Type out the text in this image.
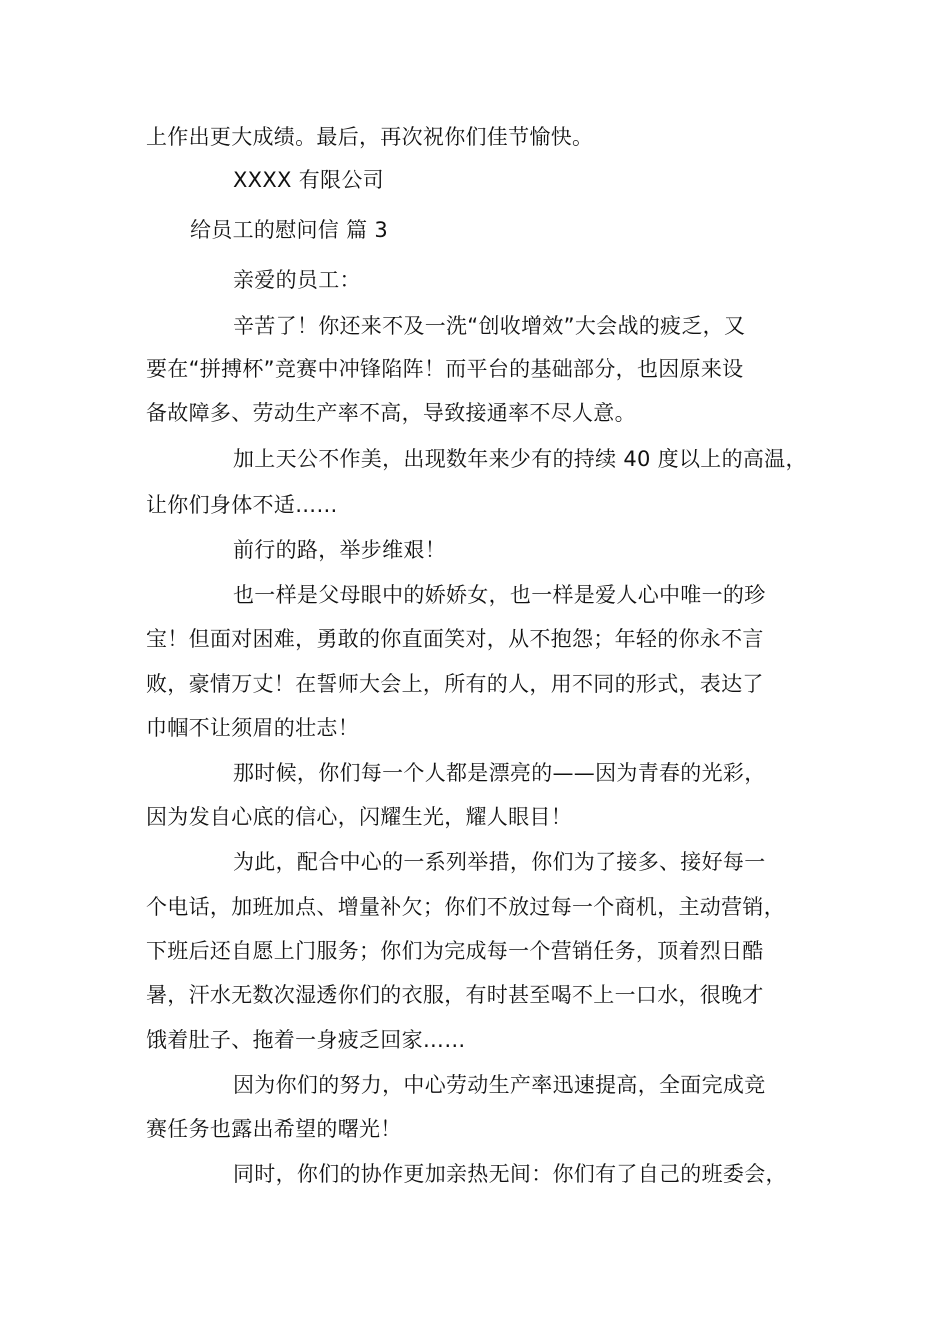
上作出更大成绩。最后，再次祝你们佳节愉快。
XXXX 有限公司
给员工的慰问信 篇 3
亲爱的员工：
辛苦了！你还来不及一洗“创收增效”大会战的疲乏，又
要在“拼搏杯”竞赛中冲锋陷阵！而平台的基础部分，也因原来设
备故障多、劳动生产率不高，导致接通率不尽人意。
加上天公不作美，出现数年来少有的持续 40 度以上的高温，
让你们身体不适……
前行的路，举步维艰！
也一样是父母眼中的娇娇女，也一样是爱人心中唯一的珍
宝！但面对困难，勇敢的你直面笑对，从不抱怨；年轻的你永不言
败，豪情万丈！在誓师大会上，所有的人，用不同的形式，表达了
巾帼不让须眉的壮志！
那时候，你们每一个人都是漂亮的——因为青春的光彩，
因为发自心底的信心，闪耀生光，耀人眼目！
为此，配合中心的一系列举措，你们为了接多、接好每一
个电话，加班加点、增量补欠；你们不放过每一个商机，主动营销，
下班后还自愿上门服务；你们为完成每一个营销任务，顶着烈日酷
暑，汗水无数次湿透你们的衣服，有时甚至喝不上一口水，很晚才
饿着肚子、拖着一身疲乏回家……
因为你们的努力，中心劳动生产率迅速提高，全面完成竞
赛任务也露出希望的曙光！
同时，你们的协作更加亲热无间：你们有了自己的班委会，
